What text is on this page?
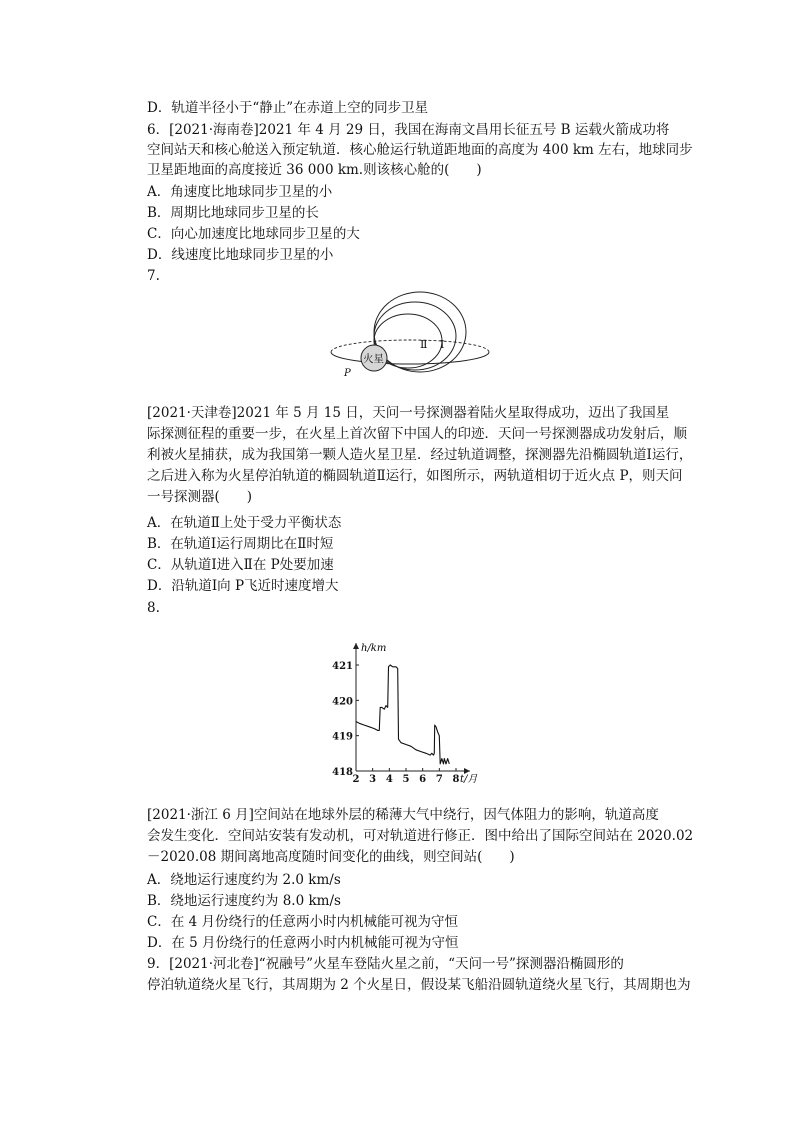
D．轨道半径小于“静止”在赤道上空的同步卫星
6．[2021·海南卷]2021 年 4 月 29 日，我国在海南文昌用长征五号 B 运载火箭成功将
空间站天和核心舱送入预定轨道．核心舱运行轨道距地面的高度为 400 km 左右，地球同步
卫星距地面的高度接近 36 000 km.则该核心舱的(　　)
A．角速度比地球同步卫星的小
B．周期比地球同步卫星的长
C．向心加速度比地球同步卫星的大
D．线速度比地球同步卫星的小
7.
火星
P
Ⅱ Ⅰ
[2021·天津卷]2021 年 5 月 15 日，天问一号探测器着陆火星取得成功，迈出了我国星
际探测征程的重要一步，在火星上首次留下中国人的印迹．天问一号探测器成功发射后，顺
利被火星捕获，成为我国第一颗人造火星卫星．经过轨道调整，探测器先沿椭圆轨道Ⅰ运行，
之后进入称为火星停泊轨道的椭圆轨道Ⅱ运行，如图所示，两轨道相切于近火点 P，则天问
一号探测器(　　)
A．在轨道Ⅱ上处于受力平衡状态
B．在轨道Ⅰ运行周期比在Ⅱ时短
C．从轨道Ⅰ进入Ⅱ在 P处要加速
D．沿轨道Ⅰ向 P飞近时速度增大
8.
418
419
420
421
2 3 4 5 6 7 8
h/km
t/月
[2021·浙江 6 月]空间站在地球外层的稀薄大气中绕行，因气体阻力的影响，轨道高度
会发生变化．空间站安装有发动机，可对轨道进行修正．图中给出了国际空间站在 2020.02
－2020.08 期间离地高度随时间变化的曲线，则空间站(　　)
A．绕地运行速度约为 2.0 km/s
B．绕地运行速度约为 8.0 km/s
C．在 4 月份绕行的任意两小时内机械能可视为守恒
D．在 5 月份绕行的任意两小时内机械能可视为守恒
9．[2021·河北卷]“祝融号”火星车登陆火星之前，“天问一号”探测器沿椭圆形的
停泊轨道绕火星飞行，其周期为 2 个火星日，假设某飞船沿圆轨道绕火星飞行，其周期也为
